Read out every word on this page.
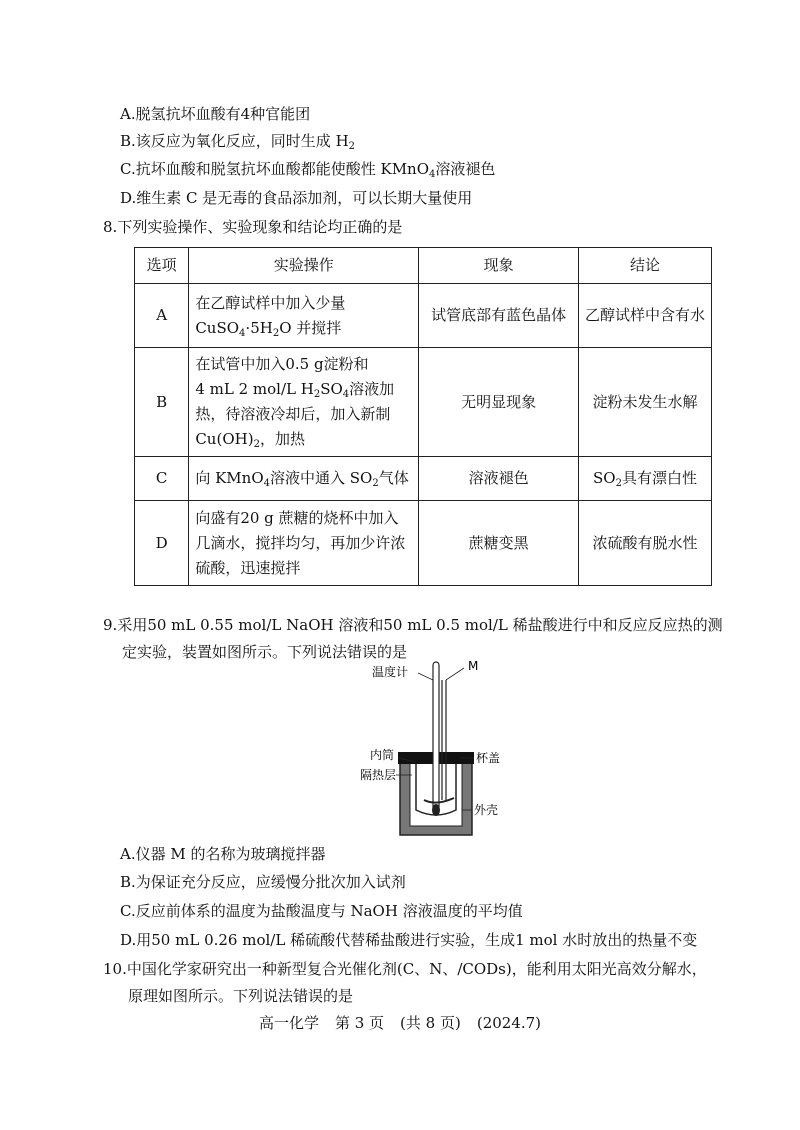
A.脱氢抗坏血酸有4种官能团
B.该反应为氧化反应，同时生成 $H_2$
C.抗坏血酸和脱氢抗坏血酸都能使酸性 KMnO$_4$溶液褪色
D.维生素 C 是无毒的食品添加剂，可以长期大量使用
8.下列实验操作、实验现象和结论均正确的是
选项	实验操作	现象	结论
A	在乙醇试样中加入少量
$CuSO_4\cdot 5H_2O$ 并搅拌	试管底部有蓝色晶体	乙醇试样中含有水
B	在试管中加入0.5 g淀粉和
4 mL 2 mol/L $H_2SO_4$溶液加
热，待溶液冷却后，加入新制
$Cu(OH)_2$，加热	无明显现象	淀粉未发生水解
C	向 KMnO$_4$溶液中通入 $SO_2$气体	溶液褪色	$SO_2$具有漂白性
D	向盛有20 g 蔗糖的烧杯中加入
几滴水，搅拌均匀，再加少许浓
硫酸，迅速搅拌	蔗糖变黑	浓硫酸有脱水性
9.采用50 mL 0.55 mol/L NaOH 溶液和50 mL 0.5 mol/L 稀盐酸进行中和反应反应热的测
定实验，装置如图所示。下列说法错误的是
温度计	M
内筒	杯盖
隔热层
外壳
A.仪器 M 的名称为玻璃搅拌器
B.为保证充分反应，应缓慢分批次加入试剂
C.反应前体系的温度为盐酸温度与 NaOH 溶液温度的平均值
D.用50 mL 0.26 mol/L 稀硫酸代替稀盐酸进行实验，生成1 mol 水时放出的热量不变
10.中国化学家研究出一种新型复合光催化剂(C、N、/CODs)，能利用太阳光高效分解水，
原理如图所示。下列说法错误的是
高一化学 第 3 页 (共 8 页) (2024.7)
